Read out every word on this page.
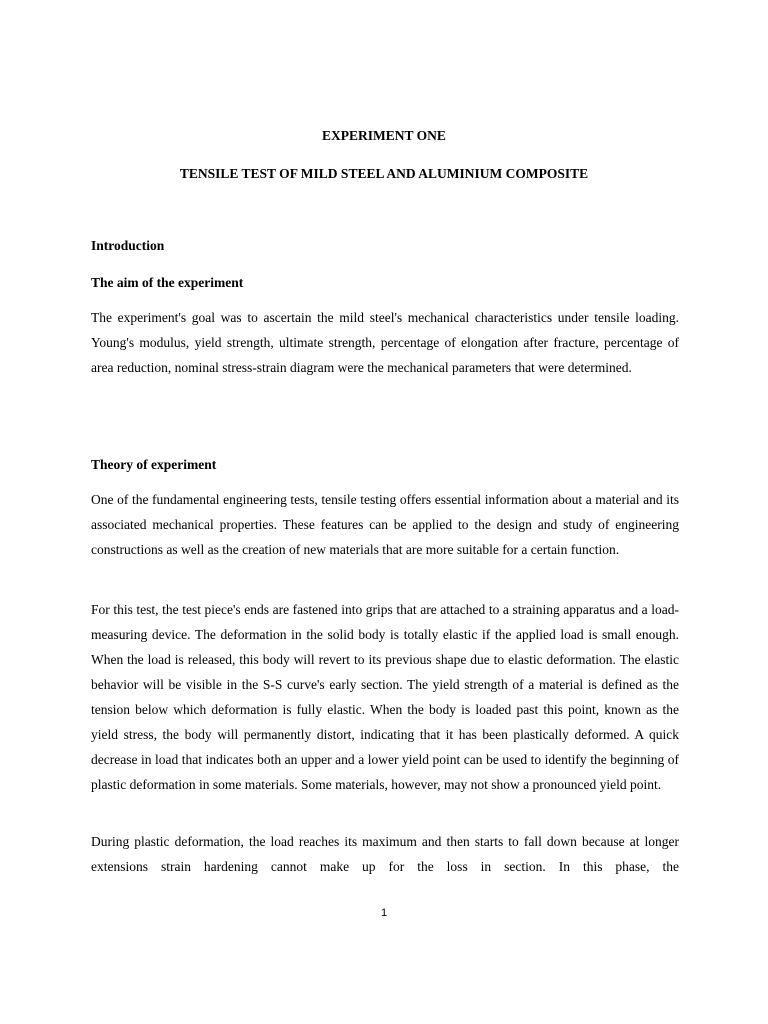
EXPERIMENT ONE
TENSILE TEST OF MILD STEEL AND ALUMINIUM COMPOSITE
Introduction
The aim of the experiment

The experiment's goal was to ascertain the mild steel's mechanical characteristics under tensile loading. Young's modulus, yield strength, ultimate strength, percentage of elongation after fracture, percentage of area reduction, nominal stress-strain diagram were the mechanical parameters that were determined.

Theory of experiment

One of the fundamental engineering tests, tensile testing offers essential information about a material and its associated mechanical properties. These features can be applied to the design and study of engineering constructions as well as the creation of new materials that are more suitable for a certain function.

For this test, the test piece's ends are fastened into grips that are attached to a straining apparatus and a load-measuring device. The deformation in the solid body is totally elastic if the applied load is small enough. When the load is released, this body will revert to its previous shape due to elastic deformation. The elastic behavior will be visible in the S-S curve's early section. The yield strength of a material is defined as the tension below which deformation is fully elastic. When the body is loaded past this point, known as the yield stress, the body will permanently distort, indicating that it has been plastically deformed. A quick decrease in load that indicates both an upper and a lower yield point can be used to identify the beginning of plastic deformation in some materials. Some materials, however, may not show a pronounced yield point.

During plastic deformation, the load reaches its maximum and then starts to fall down because at longer extensions strain hardening cannot make up for the loss in section. In this phase, the

1
